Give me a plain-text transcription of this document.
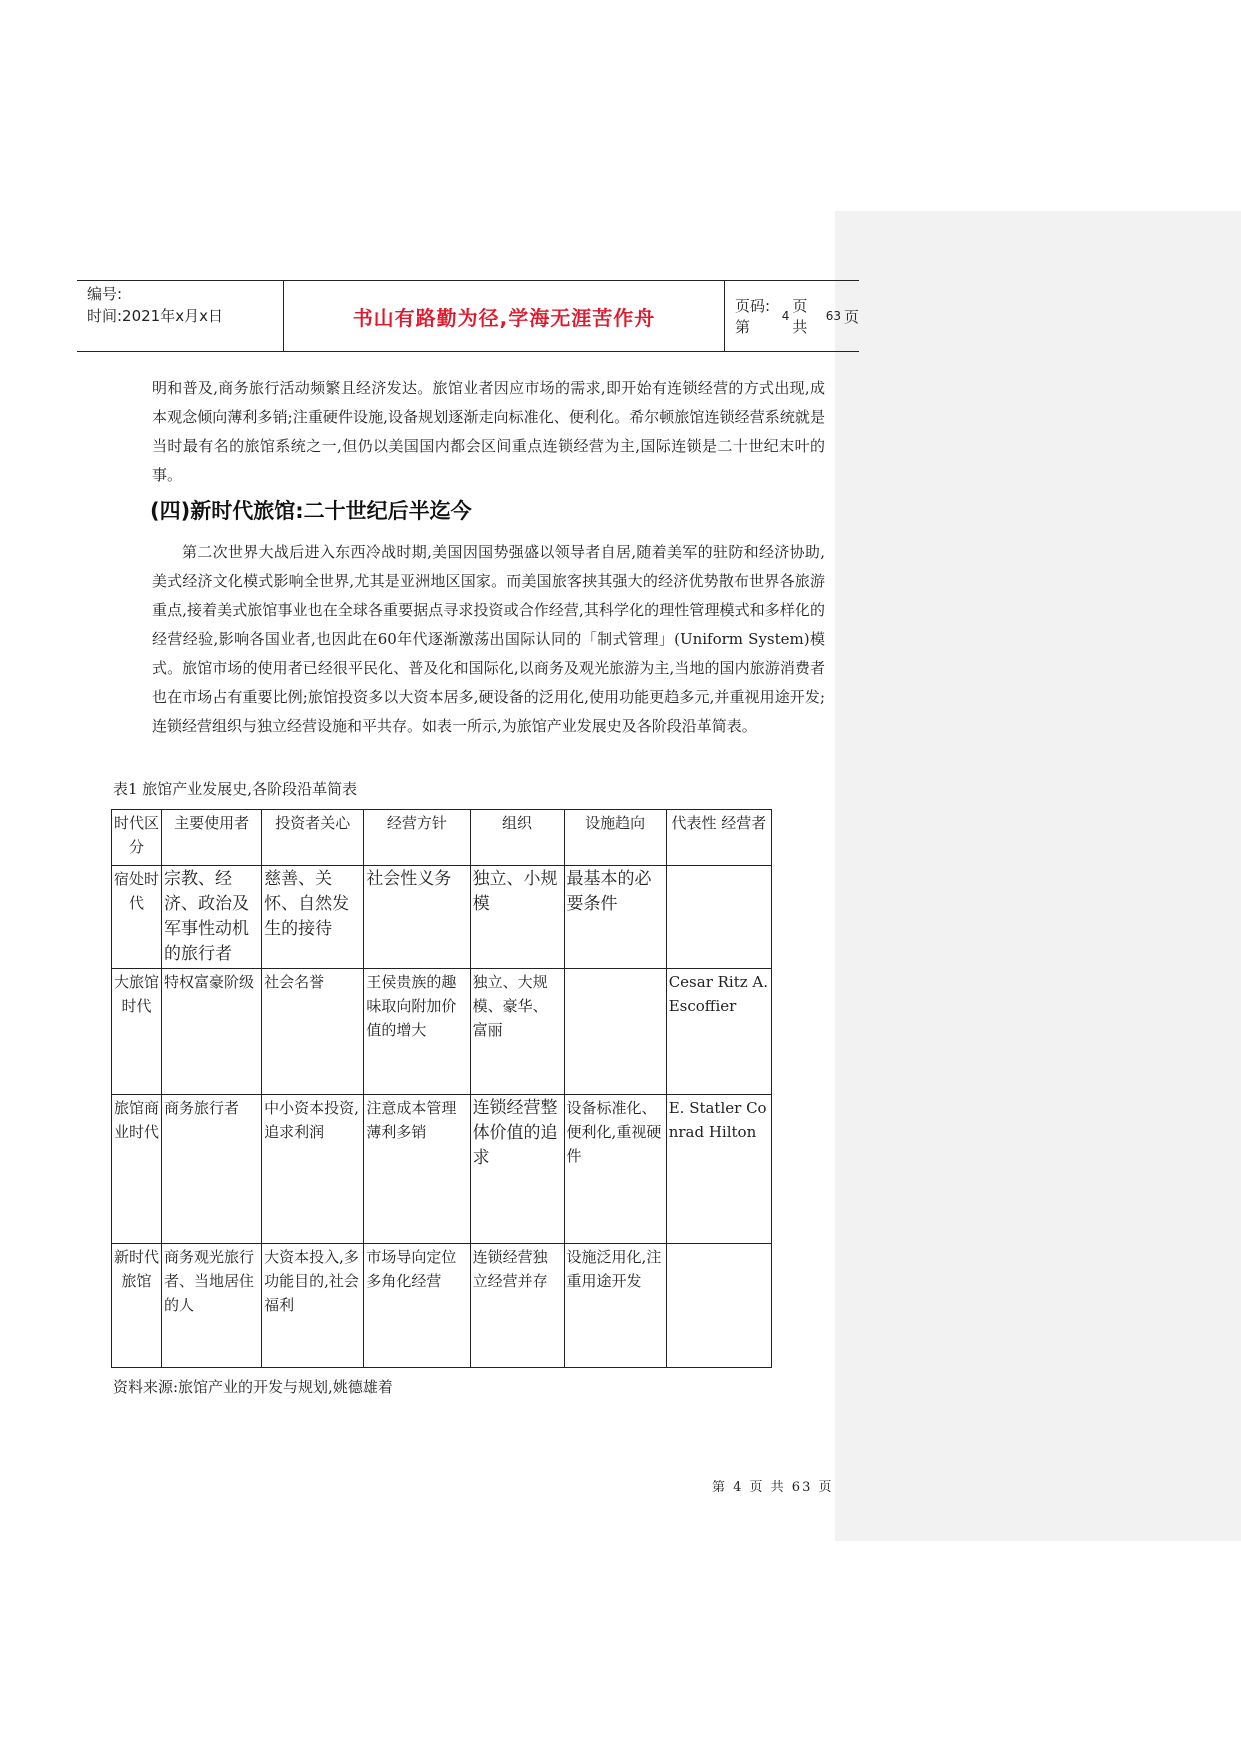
编号:
时间:2021年x月x日	书山有路勤为径,学海无涯苦作舟	页码:第
4
页 共
63 页

明和普及,商务旅行活动频繁且经济发达。旅馆业者因应市场的需求,即开始有连锁经营的方式出现,成本观念倾向薄利多销;注重硬件设施,设备规划逐渐走向标准化、便利化。希尔顿旅馆连锁经营系统就是当时最有名的旅馆系统之一,但仍以美国国内都会区间重点连锁经营为主,国际连锁是二十世纪末叶的事。

(四)新时代旅馆:二十世纪后半迄今

第二次世界大战后进入东西冷战时期,美国因国势强盛以领导者自居,随着美军的驻防和经济协助,美式经济文化模式影响全世界,尤其是亚洲地区国家。而美国旅客挟其强大的经济优势散布世界各旅游重点,接着美式旅馆事业也在全球各重要据点寻求投资或合作经营,其科学化的理性管理模式和多样化的经营经验,影响各国业者,也因此在60年代逐渐激荡出国际认同的「制式管理」(Uniform System)模式。旅馆市场的使用者已经很平民化、普及化和国际化,以商务及观光旅游为主,当地的国内旅游消费者也在市场占有重要比例;旅馆投资多以大资本居多,硬设备的泛用化,使用功能更趋多元,并重视用途开发;连锁经营组织与独立经营设施和平共存。如表一所示,为旅馆产业发展史及各阶段沿革简表。

表1 旅馆产业发展史,各阶段沿革简表
时代区分	主要使用者	投资者关心	经营方针	组织	设施趋向	代表性 经营者
宿处时代	宗教、经济、政治及军事性动机的旅行者	慈善、关怀、自然发生的接待	社会性义务	独立、小规模	最基本的必要条件	
大旅馆时代	特权富豪阶级	社会名誉	王侯贵族的趣味取向附加价值的增大	独立、大规模、豪华、富丽		Cesar Ritz A.Escoffier
旅馆商业时代	商务旅行者	中小资本投资,追求利润	注意成本管理薄利多销	连锁经营整体价值的追求	设备标准化、便利化,重视硬件	E. Statler Conrad Hilton
新时代旅馆	商务观光旅行者、当地居住的人	大资本投入,多功能目的,社会福利	市场导向定位多角化经营	连锁经营独立经营并存	设施泛用化,注重用途开发	
资料来源:旅馆产业的开发与规划,姚德雄着
第 4 页 共 63 页
